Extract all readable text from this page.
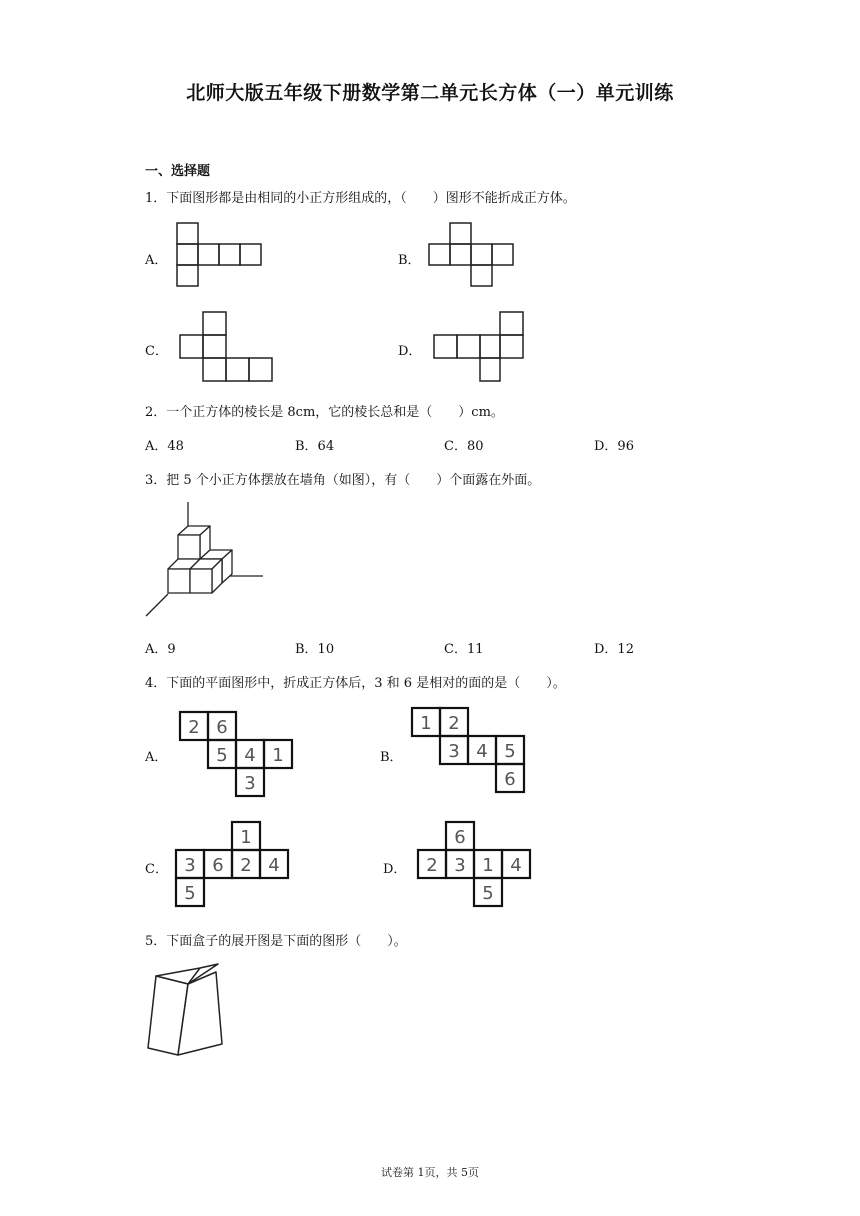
北师大版五年级下册数学第二单元长方体（一）单元训练
一、选择题
1．下面图形都是由相同的小正方形组成的，（　　）图形不能折成正方体。
A．	B．
C．	D．
2．一个正方体的棱长是 8cm，它的棱长总和是（　　）cm。
A．48	B．64	C．80	D．96
3．把 5 个小正方体摆放在墙角（如图），有（　　）个面露在外面。
A．9	B．10	C．11	D．12
4．下面的平面图形中，折成正方体后，3 和 6 是相对的面的是（　　）。
A．
2 6
5 4 1
3
B．
1 2
3 4 5
6
C．
1
3 6 2 4
5
D．
6
2 3 1 4
5
5．下面盒子的展开图是下面的图形（　　）。
试卷第 1页，共 5页
